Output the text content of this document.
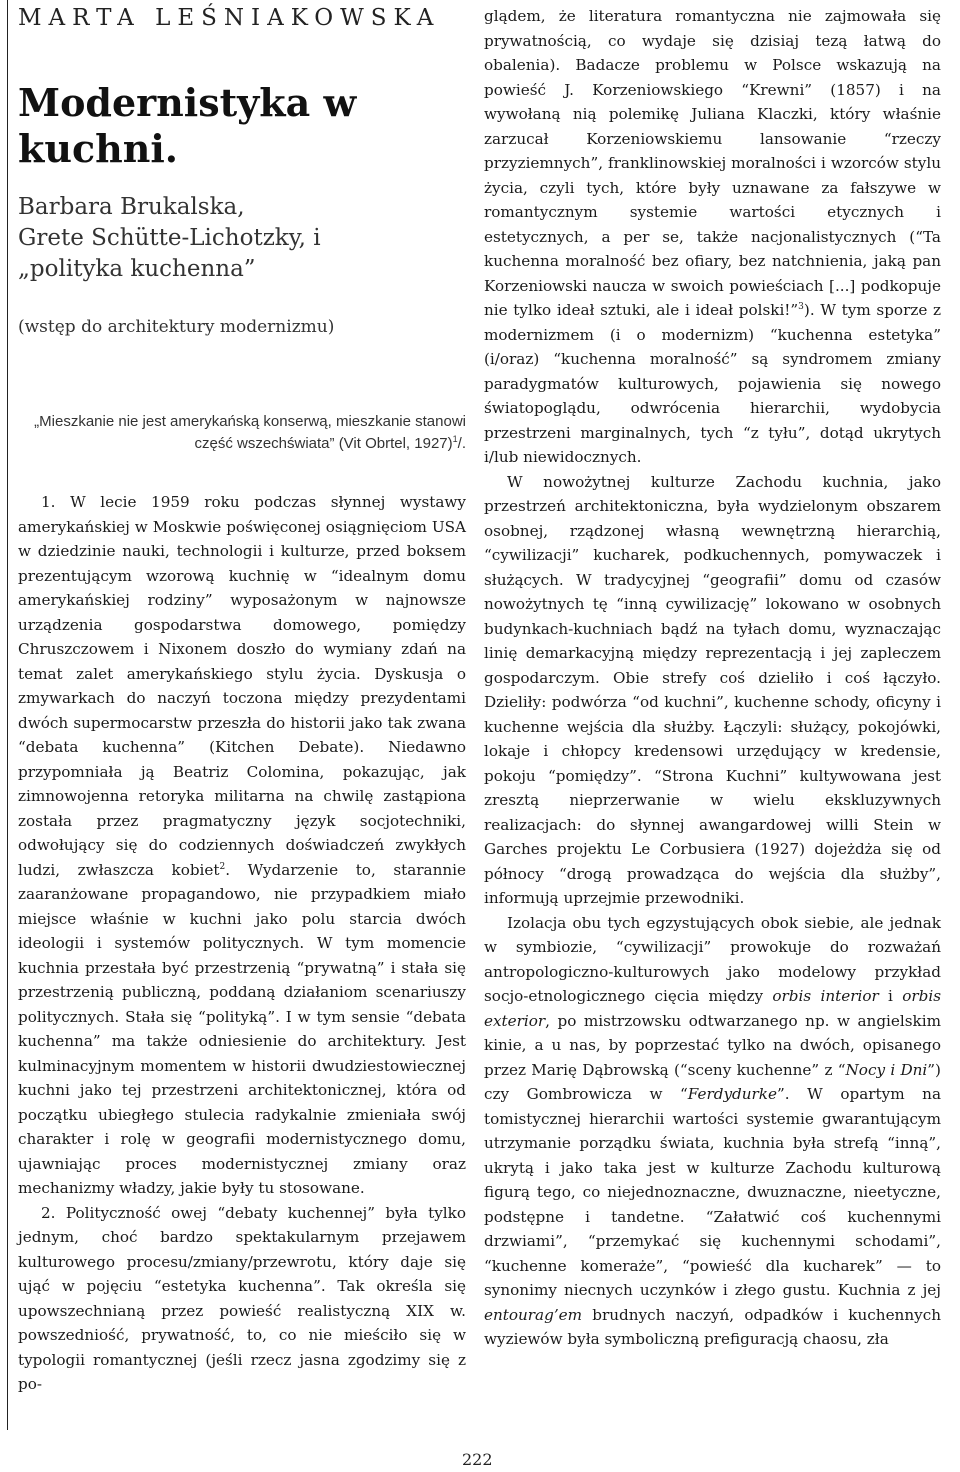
MARTA LEŚNIAKOWSKA

Modernistyka w kuchni.

Barbara Brukalska,
Grete Schütte-Lichotzky, i
„polityka kuchenna”

(wstęp do architektury modernizmu)

„Mieszkanie nie jest amerykańską konserwą, mieszkanie stanowi część wszechświata” (Vit Obrtel, 1927)$^1$/.

1. W lecie 1959 roku podczas słynnej wystawy amerykańskiej w Moskwie poświęconej osiągnięciom USA w dziedzinie nauki, technologii i kulturze, przed boksem prezentującym wzorową kuchnię w “idealnym domu amerykańskiej rodziny” wyposażonym w najnowsze urządzenia gospodarstwa domowego, pomiędzy Chruszczowem i Nixonem doszło do wymiany zdań na temat zalet amerykańskiego stylu życia. Dyskusja o zmywarkach do naczyń toczona między prezydentami dwóch supermocarstw przeszła do historii jako tak zwana “debata kuchenna” (Kitchen Debate). Niedawno przypomniała ją Beatriz Colomina, pokazując, jak zimnowojenna retoryka militarna na chwilę zastąpiona została przez pragmatyczny język socjotechniki, odwołujący się do codziennych doświadczeń zwykłych ludzi, zwłaszcza kobiet$^2$. Wydarzenie to, starannie zaaranżowane propagandowo, nie przypadkiem miało miejsce właśnie w kuchni jako polu starcia dwóch ideologii i systemów politycznych. W tym momencie kuchnia przestała być przestrzenią “prywatną” i stała się przestrzenią publiczną, poddaną działaniom scenariuszy politycznych. Stała się “polityką”. I w tym sensie “debata kuchenna” ma także odniesienie do architektury. Jest kulminacyjnym momentem w historii dwudziestowiecznej kuchni jako tej przestrzeni architektonicznej, która od początku ubiegłego stulecia radykalnie zmieniała swój charakter i rolę w geografii modernistycznego domu, ujawniając proces modernistycznej zmiany oraz mechanizmy władzy, jakie były tu stosowane.

2. Polityczność owej “debaty kuchennej” była tylko jednym, choć bardzo spektakularnym przejawem kulturowego procesu/zmiany/przewrotu, który daje się ująć w pojęciu “estetyka kuchenna”. Tak określa się upowszechnianą przez powieść realistyczną XIX w. powszedniość, prywatność, to, co nie mieściło się w typologii romantycznej (jeśli rzecz jasna zgodzimy się z po-

glądem, że literatura romantyczna nie zajmowała się prywatnością, co wydaje się dzisiaj tezą łatwą do obalenia). Badacze problemu w Polsce wskazują na powieść J. Korzeniowskiego “Krewni” (1857) i na wywołaną nią polemikę Juliana Klaczki, który właśnie zarzucał Korzeniowskiemu lansowanie “rzeczy przyziemnych”, franklinowskiej moralności i wzorców stylu życia, czyli tych, które były uznawane za fałszywe w romantycznym systemie wartości etycznych i estetycznych, a per se, także nacjonalistycznych (“Ta kuchenna moralność bez ofiary, bez natchnienia, jaką pan Korzeniowski naucza w swoich powieściach [...] podkopuje nie tylko ideał sztuki, ale i ideał polski!”$^3$). W tym sporze z modernizmem (i o modernizm) “kuchenna estetyka” (i/oraz) “kuchenna moralność” są syndromem zmiany paradygmatów kulturowych, pojawienia się nowego światopoglądu, odwrócenia hierarchii, wydobycia przestrzeni marginalnych, tych “z tyłu”, dotąd ukrytych i/lub niewidocznych.

W nowożytnej kulturze Zachodu kuchnia, jako przestrzeń architektoniczna, była wydzielonym obszarem osobnej, rządzonej własną wewnętrzną hierarchią, “cywilizacji” kucharek, podkuchennych, pomywaczek i służących. W tradycyjnej “geografii” domu od czasów nowożytnych tę “inną cywilizację” lokowano w osobnych budynkach-kuchniach bądź na tyłach domu, wyznaczając linię demarkacyjną między reprezentacją i jej zapleczem gospodarczym. Obie strefy coś dzieliło i coś łączyło. Dzieliły: podwórza “od kuchni”, kuchenne schody, oficyny i kuchenne wejścia dla służby. Łączyli: służący, pokojówki, lokaje i chłopcy kredensowi urzędujący w kredensie, pokoju “pomiędzy”. “Strona Kuchni” kultywowana jest zresztą nieprzerwanie w wielu ekskluzywnych realizacjach: do słynnej awangardowej willi Stein w Garches projektu Le Corbusiera (1927) dojeżdża się od północy “drogą prowadząca do wejścia dla służby”, informują uprzejmie przewodniki.

Izolacja obu tych egzystujących obok siebie, ale jednak w symbiozie, “cywilizacji” prowokuje do rozważań antropologiczno-kulturowych jako modelowy przykład socjo-etnologicznego cięcia między orbis interior i orbis exterior, po mistrzowsku odtwarzanego np. w angielskim kinie, a u nas, by poprzestać tylko na dwóch, opisanego przez Marię Dąbrowską (“sceny kuchenne” z “Nocy i Dni”) czy Gombrowicza w “Ferdydurke”. W opartym na tomistycznej hierarchii wartości systemie gwarantującym utrzymanie porządku świata, kuchnia była strefą “inną”, ukrytą i jako taka jest w kulturze Zachodu kulturową figurą tego, co niejednoznaczne, dwuznaczne, nieetyczne, podstępne i tandetne. “Załatwić coś kuchennymi drzwiami”, “przemykać się kuchennymi schodami”, “kuchenne komeraże”, “powieść dla kucharek” — to synonimy niecnych uczynków i złego gustu. Kuchnia z jej entourag’em brudnych naczyń, odpadków i kuchennych wyziewów była symboliczną prefiguracją chaosu, zła

222
